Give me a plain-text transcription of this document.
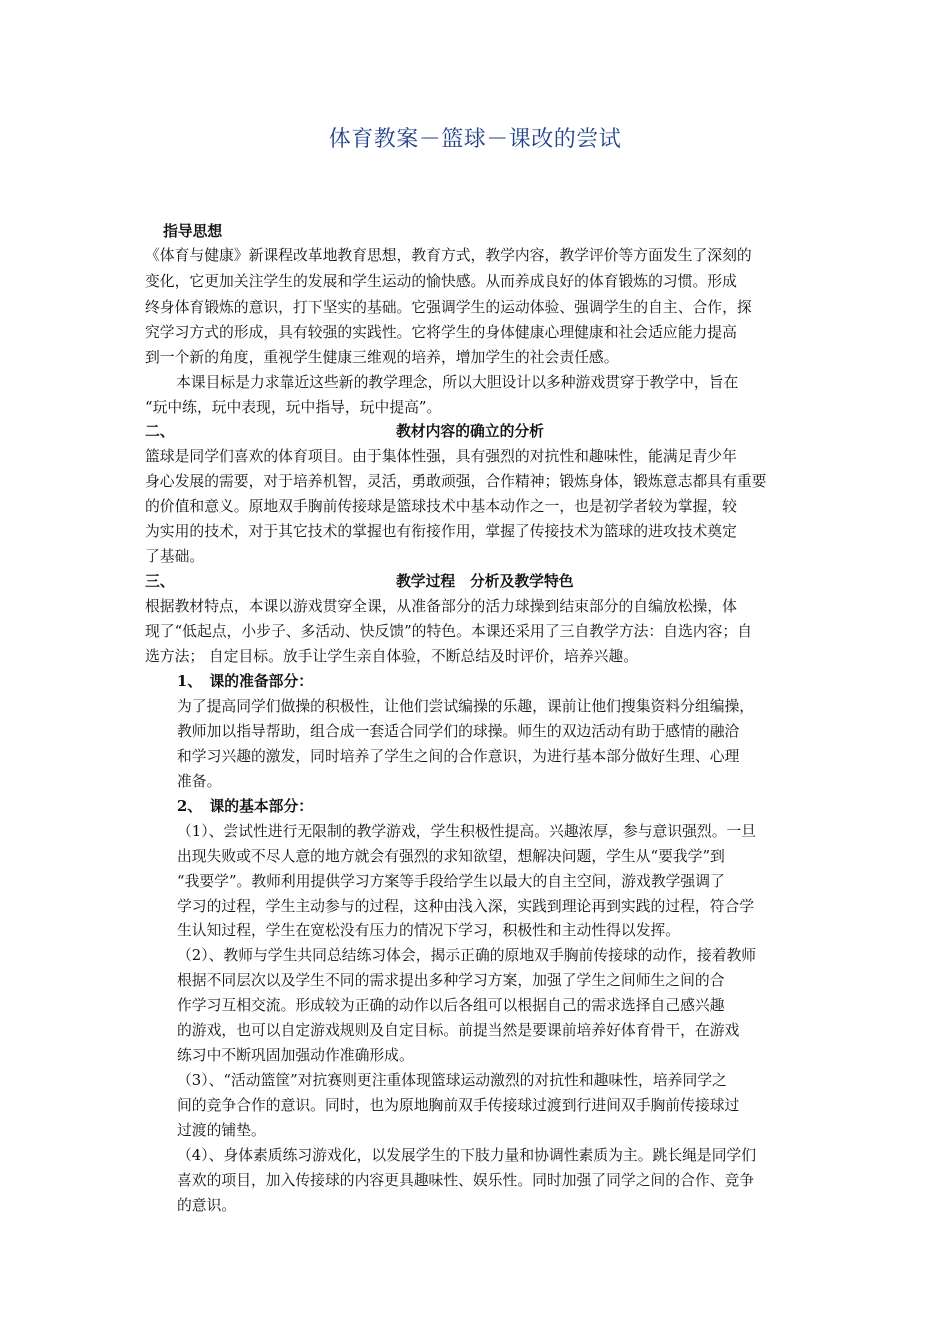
体育教案－篮球－课改的尝试
指导思想
《体育与健康》新课程改革地教育思想，教育方式，教学内容，教学评价等方面发生了深刻的
变化，它更加关注学生的发展和学生运动的愉快感。从而养成良好的体育锻炼的习惯。形成
终身体育锻炼的意识，打下坚实的基础。它强调学生的运动体验、强调学生的自主、合作，探
究学习方式的形成，具有较强的实践性。它将学生的身体健康心理健康和社会适应能力提高
到一个新的角度，重视学生健康三维观的培养，增加学生的社会责任感。
本课目标是力求靠近这些新的教学理念，所以大胆设计以多种游戏贯穿于教学中，旨在
“玩中练，玩中表现，玩中指导，玩中提高”。
二、	教材内容的确立的分析
篮球是同学们喜欢的体育项目。由于集体性强，具有强烈的对抗性和趣味性，能满足青少年
身心发展的需要，对于培养机智，灵活，勇敢顽强，合作精神；锻炼身体，锻炼意志都具有重要
的价值和意义。原地双手胸前传接球是篮球技术中基本动作之一，也是初学者较为掌握，较
为实用的技术，对于其它技术的掌握也有衔接作用，掌握了传接技术为篮球的进攻技术奠定
了基础。
三、	教学过程　分析及教学特色
根据教材特点，本课以游戏贯穿全课，从准备部分的活力球操到结束部分的自编放松操，体
现了“低起点，小步子、多活动、快反馈”的特色。本课还采用了三自教学方法：自选内容；自
选方法； 自定目标。放手让学生亲自体验，不断总结及时评价，培养兴趣。
1、　课的准备部分：
为了提高同学们做操的积极性，让他们尝试编操的乐趣，课前让他们搜集资料分组编操，
教师加以指导帮助，组合成一套适合同学们的球操。师生的双边活动有助于感情的融洽
和学习兴趣的激发，同时培养了学生之间的合作意识，为进行基本部分做好生理、心理
准备。
2、　课的基本部分：
（1）、尝试性进行无限制的教学游戏，学生积极性提高。兴趣浓厚，参与意识强烈。一旦
出现失败或不尽人意的地方就会有强烈的求知欲望，想解决问题，学生从“要我学”到
“我要学”。教师利用提供学习方案等手段给学生以最大的自主空间，游戏教学强调了
学习的过程，学生主动参与的过程，这种由浅入深，实践到理论再到实践的过程，符合学
生认知过程，学生在宽松没有压力的情况下学习，积极性和主动性得以发挥。
（2）、教师与学生共同总结练习体会，揭示正确的原地双手胸前传接球的动作，接着教师
根据不同层次以及学生不同的需求提出多种学习方案，加强了学生之间师生之间的合
作学习互相交流。形成较为正确的动作以后各组可以根据自己的需求选择自己感兴趣
的游戏，也可以自定游戏规则及自定目标。前提当然是要课前培养好体育骨干，在游戏
练习中不断巩固加强动作准确形成。
（3）、“活动篮筐”对抗赛则更注重体现篮球运动激烈的对抗性和趣味性，培养同学之
间的竞争合作的意识。同时，也为原地胸前双手传接球过渡到行进间双手胸前传接球过
过渡的铺垫。
（4）、身体素质练习游戏化，以发展学生的下肢力量和协调性素质为主。跳长绳是同学们
喜欢的项目，加入传接球的内容更具趣味性、娱乐性。同时加强了同学之间的合作、竞争
的意识。
